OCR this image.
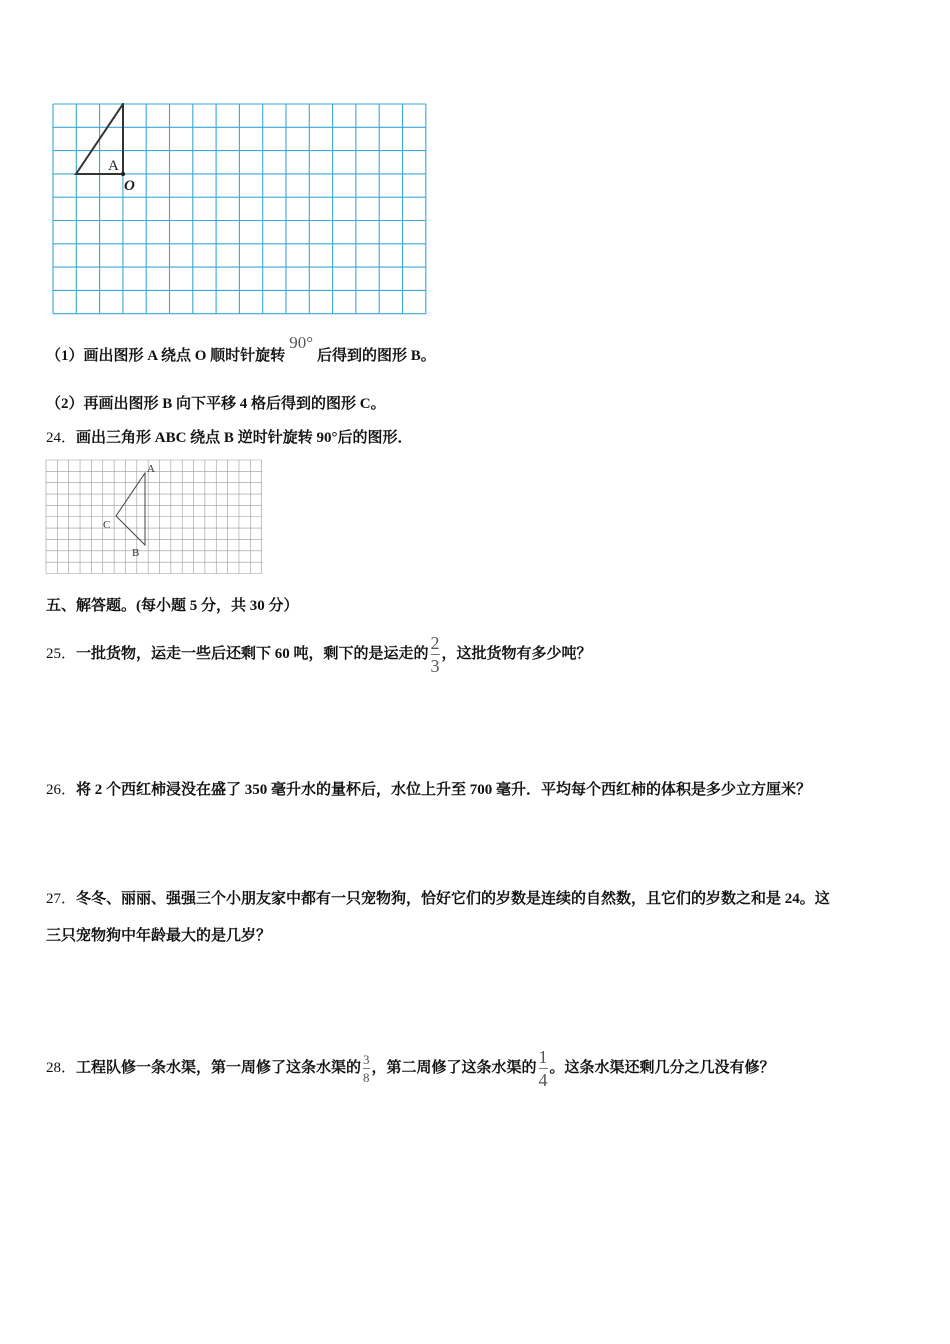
A
O
（1）画出图形 A 绕点 O 顺时针旋转90°后得到的图形 B。
（2）再画出图形 B 向下平移 4 格后得到的图形 C。
24．画出三角形 ABC 绕点 B 逆时针旋转 90°后的图形．
A
B
C
五、解答题。(每小题 5 分，共 30 分）
25．一批货物，运走一些后还剩下 60 吨，剩下的是运走的 $\frac{2}{3}$ ，这批货物有多少吨？
26．将 2 个西红柿浸没在盛了 350 毫升水的量杯后，水位上升至 700 毫升．平均每个西红柿的体积是多少立方厘米？
27．冬冬、丽丽、强强三个小朋友家中都有一只宠物狗，恰好它们的岁数是连续的自然数，且它们的岁数之和是 24。这
三只宠物狗中年龄最大的是几岁？
28．工程队修一条水渠，第一周修了这条水渠的 $\frac{3}{8}$ ，第二周修了这条水渠的 $\frac{1}{4}$ 。这条水渠还剩几分之几没有修？
